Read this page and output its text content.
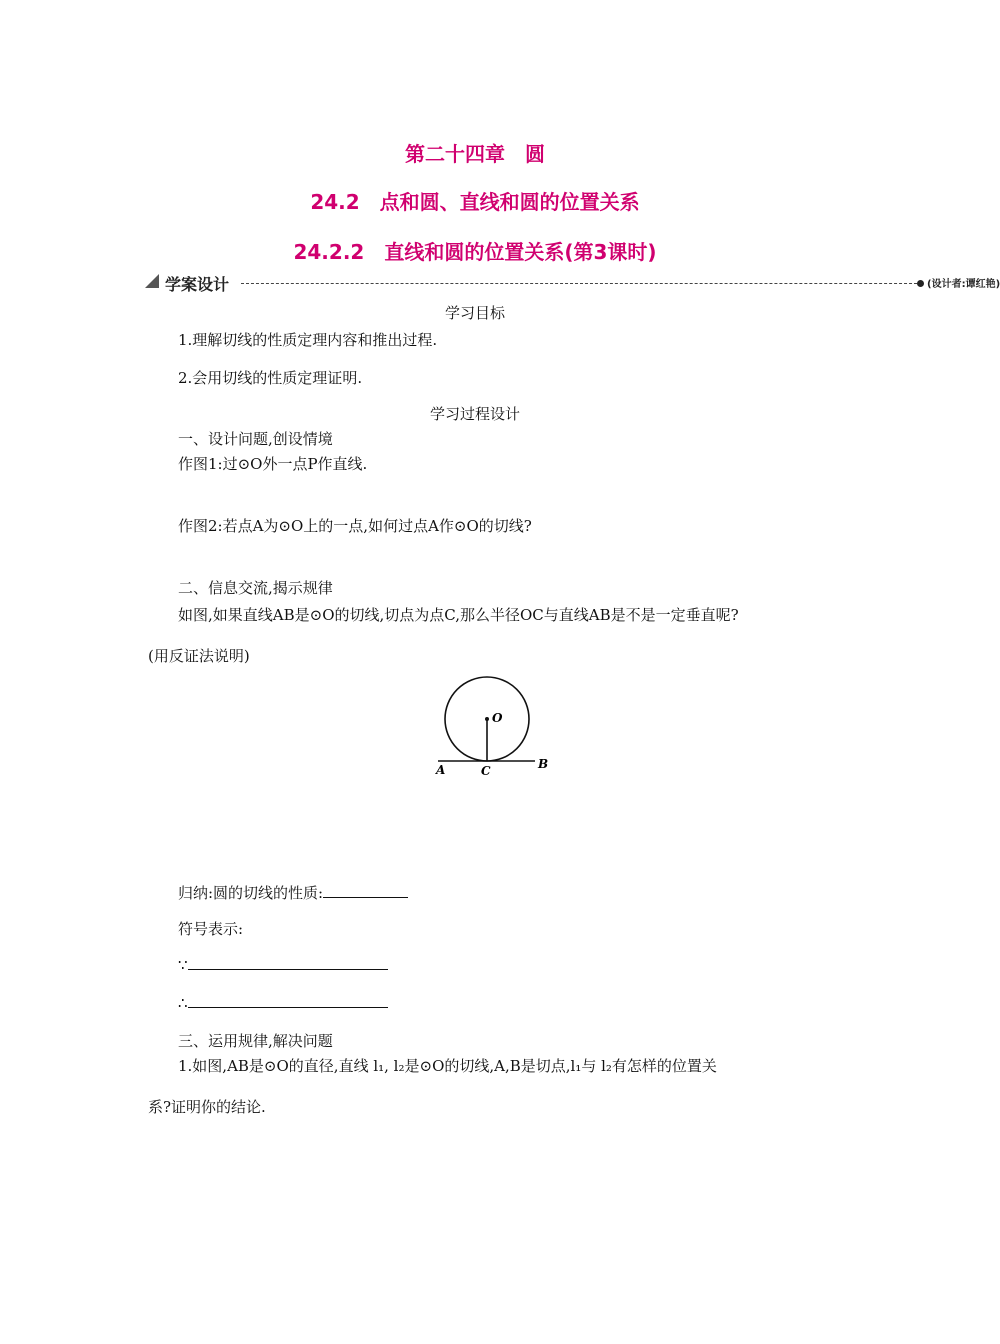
第二十四章　圆
24.2　点和圆、直线和圆的位置关系
24.2.2　直线和圆的位置关系(第3课时)
学案设计	(设计者:谭红艳)
学习目标
1.理解切线的性质定理内容和推出过程.
2.会用切线的性质定理证明.
学习过程设计
一、设计问题,创设情境
作图1:过⊙O外一点P作直线.
作图2:若点A为⊙O上的一点,如何过点A作⊙O的切线?
二、信息交流,揭示规律
如图,如果直线AB是⊙O的切线,切点为点C,那么半径OC与直线AB是不是一定垂直呢?
(用反证法说明)
O
A	C	B
归纳:圆的切线的性质:
符号表示:
∵
∴
三、运用规律,解决问题
1.如图,AB是⊙O的直径,直线 l₁, l₂是⊙O的切线,A,B是切点,l₁与 l₂有怎样的位置关
系?证明你的结论.
